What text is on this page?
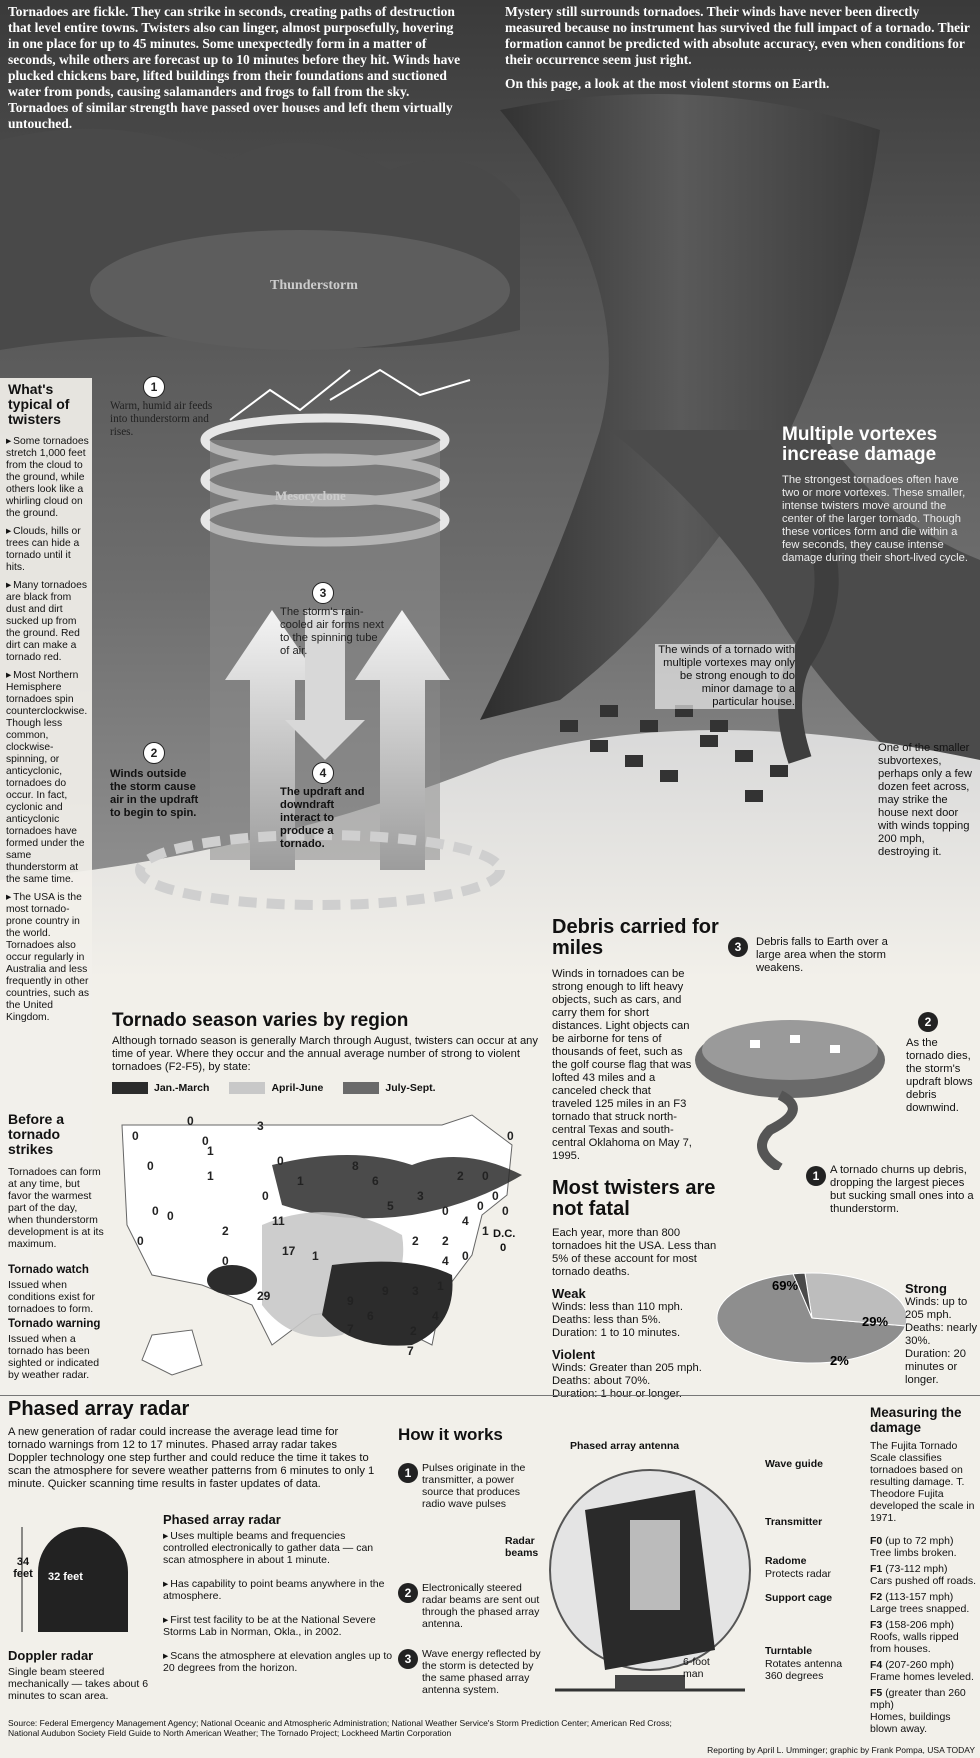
Tornadoes are fickle. They can strike in seconds, creating paths of destruction that level entire towns. Twisters also can linger, almost purposefully, hovering in one place for up to 45 minutes. Some unexpectedly form in a matter of seconds, while others are forecast up to 10 minutes before they hit. Winds have plucked chickens bare, lifted buildings from their foundations and suctioned water from ponds, causing salamanders and frogs to fall from the sky. Tornadoes of similar strength have passed over houses and left them virtually untouched.
Mystery still surrounds tornadoes. Their winds have never been directly measured because no instrument has survived the full impact of a tornado. Their formation cannot be predicted with absolute accuracy, even when conditions for their occurrence seem just right.
On this page, a look at the most violent storms on Earth.
Thunderstorm
Mesocyclone
1
Warm, humid air feeds into thunderstorm and rises.
2
Winds outside the storm cause air in the updraft to begin to spin.
3
The storm's rain-cooled air forms next to the spinning tube of air.
4
The updraft and downdraft interact to produce a tornado.
What's typical of twisters
▸ Some tornadoes stretch 1,000 feet from the cloud to the ground, while others look like a whirling cloud on the ground.
▸ Clouds, hills or trees can hide a tornado until it hits.
▸ Many tornadoes are black from dust and dirt sucked up from the ground. Red dirt can make a tornado red.
▸ Most Northern Hemisphere tornadoes spin counterclockwise. Though less common, clockwise-spinning, or anticyclonic, tornadoes do occur. In fact, cyclonic and anticyclonic tornadoes have formed under the same thunderstorm at the same time.
▸ The USA is the most tornado-prone country in the world. Tornadoes also occur regularly in Australia and less frequently in other countries, such as the United Kingdom.
Multiple vortexes increase damage
The strongest tornadoes often have two or more vortexes. These smaller, intense twisters move around the center of the larger tornado. Though these vortices form and die within a few seconds, they cause intense damage during their short-lived cycle.
The winds of a tornado with multiple vortexes may only be strong enough to do minor damage to a particular house.
One of the smaller subvortexes, perhaps only a few dozen feet across, may strike the house next door with winds topping 200 mph, destroying it.
Debris carried for miles
Winds in tornadoes can be strong enough to lift heavy objects, such as cars, and carry them for short distances. Light objects can be airborne for tens of thousands of feet, such as the golf course flag that was lofted 43 miles and a canceled check that traveled 125 miles in an F3 tornado that struck north-central Texas and south-central Oklahoma on May 7, 1995.
3	Debris falls to Earth over a large area when the storm weakens.
2
As the tornado dies, the storm's updraft blows debris downwind.
1 A tornado churns up debris, dropping the largest pieces but sucking small ones into a thunderstorm.
Most twisters are not fatal
Each year, more than 800 tornadoes hit the USA. Less than 5% of these account for most tornado deaths.
69%
29%
2%
Weak
Winds: less than 110 mph.
Deaths: less than 5%.
Duration: 1 to 10 minutes.
Violent
Winds: Greater than 205 mph.
Deaths: about 70%.
Duration: 1 hour or longer.
Strong
Winds: up to 205 mph. Deaths: nearly 30%. Duration: 20 minutes or longer.
Tornado season varies by region
Although tornado season is generally March through August, twisters can occur at any time of year. Where they occur and the annual average number of strong to violent tornadoes (F2-F5), by state:
Jan.-March	April-June	July-Sept.
0
0
1
3
0
0
1
0
0
0
2
11
1
8
6
5
2
3
2
4
0
2
0
17
4
1
29	9
9
6
3
4
7	2
7
0
0
0
0
1
0
0
0	1
0
D.C.
0
Before a tornado strikes
Tornadoes can form at any time, but favor the warmest part of the day, when thunderstorm development is at its maximum.
Tornado watch
Issued when conditions exist for tornadoes to form.
Tornado warning
Issued when a tornado has been sighted or indicated by weather radar.
Phased array radar
A new generation of radar could increase the average lead time for tornado warnings from 12 to 17 minutes. Phased array radar takes Doppler technology one step further and could reduce the time it takes to scan the atmosphere for severe weather patterns from 6 minutes to only 1 minute. Quicker scanning time results in faster updates of data.
32 feet
34 feet
Doppler radar
Single beam steered mechanically — takes about 6 minutes to scan area.
Phased array radar
▸ Uses multiple beams and frequencies controlled electronically to gather data — can scan atmosphere in about 1 minute.
▸ Has capability to point beams anywhere in the atmosphere.
▸ First test facility to be at the National Severe Storms Lab in Norman, Okla., in 2002.
▸ Scans the atmosphere at elevation angles up to 20 degrees from the horizon.
How it works
1	Pulses originate in the transmitter, a power source that produces radio wave pulses
2	Electronically steered radar beams are sent out through the phased array antenna.
3	Wave energy reflected by the storm is detected by the same phased array antenna system.
Radar beams
Phased array antenna
Wave guide
Transmitter
Radome
Protects radar
Support cage
Turntable
Rotates antenna 360 degrees
6-foot man
Measuring the damage
The Fujita Tornado Scale classifies tornadoes based on resulting damage. T. Theodore Fujita developed the scale in 1971.
F0 (up to 72 mph)
Tree limbs broken.
F1 (73-112 mph)
Cars pushed off roads.
F2 (113-157 mph)
Large trees snapped.
F3 (158-206 mph)
Roofs, walls ripped from houses.
F4 (207-260 mph)
Frame homes leveled.
F5 (greater than 260 mph)
Homes, buildings blown away.
Source: Federal Emergency Management Agency; National Oceanic and Atmospheric Administration; National Weather Service's Storm Prediction Center; American Red Cross; National Audubon Society Field Guide to North American Weather; The Tornado Project; Lockheed Martin Corporation
Reporting by April L. Umminger; graphic by Frank Pompa, USA TODAY
